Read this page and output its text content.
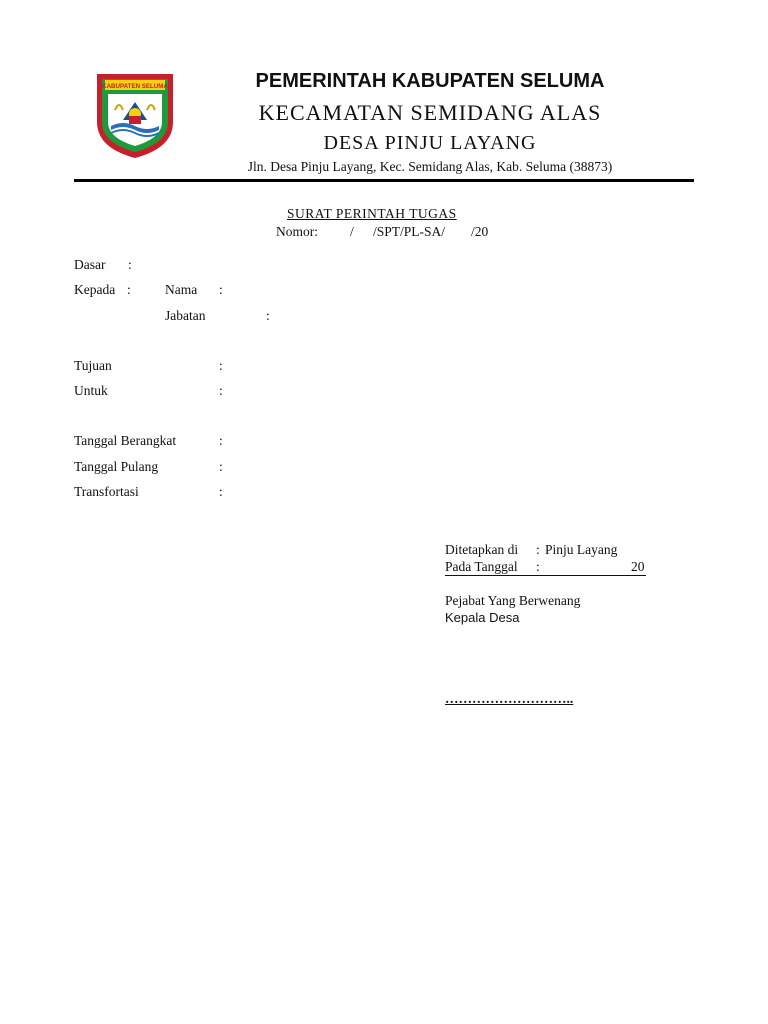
KABUPATEN SELUMA	PEMERINTAH KABUPATEN SELUMA
KECAMATAN SEMIDANG ALAS
DESA PINJU LAYANG
Jln. Desa Pinju Layang, Kec. Semidang Alas, Kab. Seluma (38873)
SURAT PERINTAH TUGAS
Nomor: / /SPT/PL-SA/ /20
Dasar :
Kepada :	Nama :
Jabatan	:
Tujuan	:
Untuk	:
Tanggal Berangkat	:
Tanggal Pulang	:
Transfortasi	:
Ditetapkan di : Pinju Layang
Pada Tanggal :	20
Pejabat Yang Berwenang
Kepala Desa
………………………..
